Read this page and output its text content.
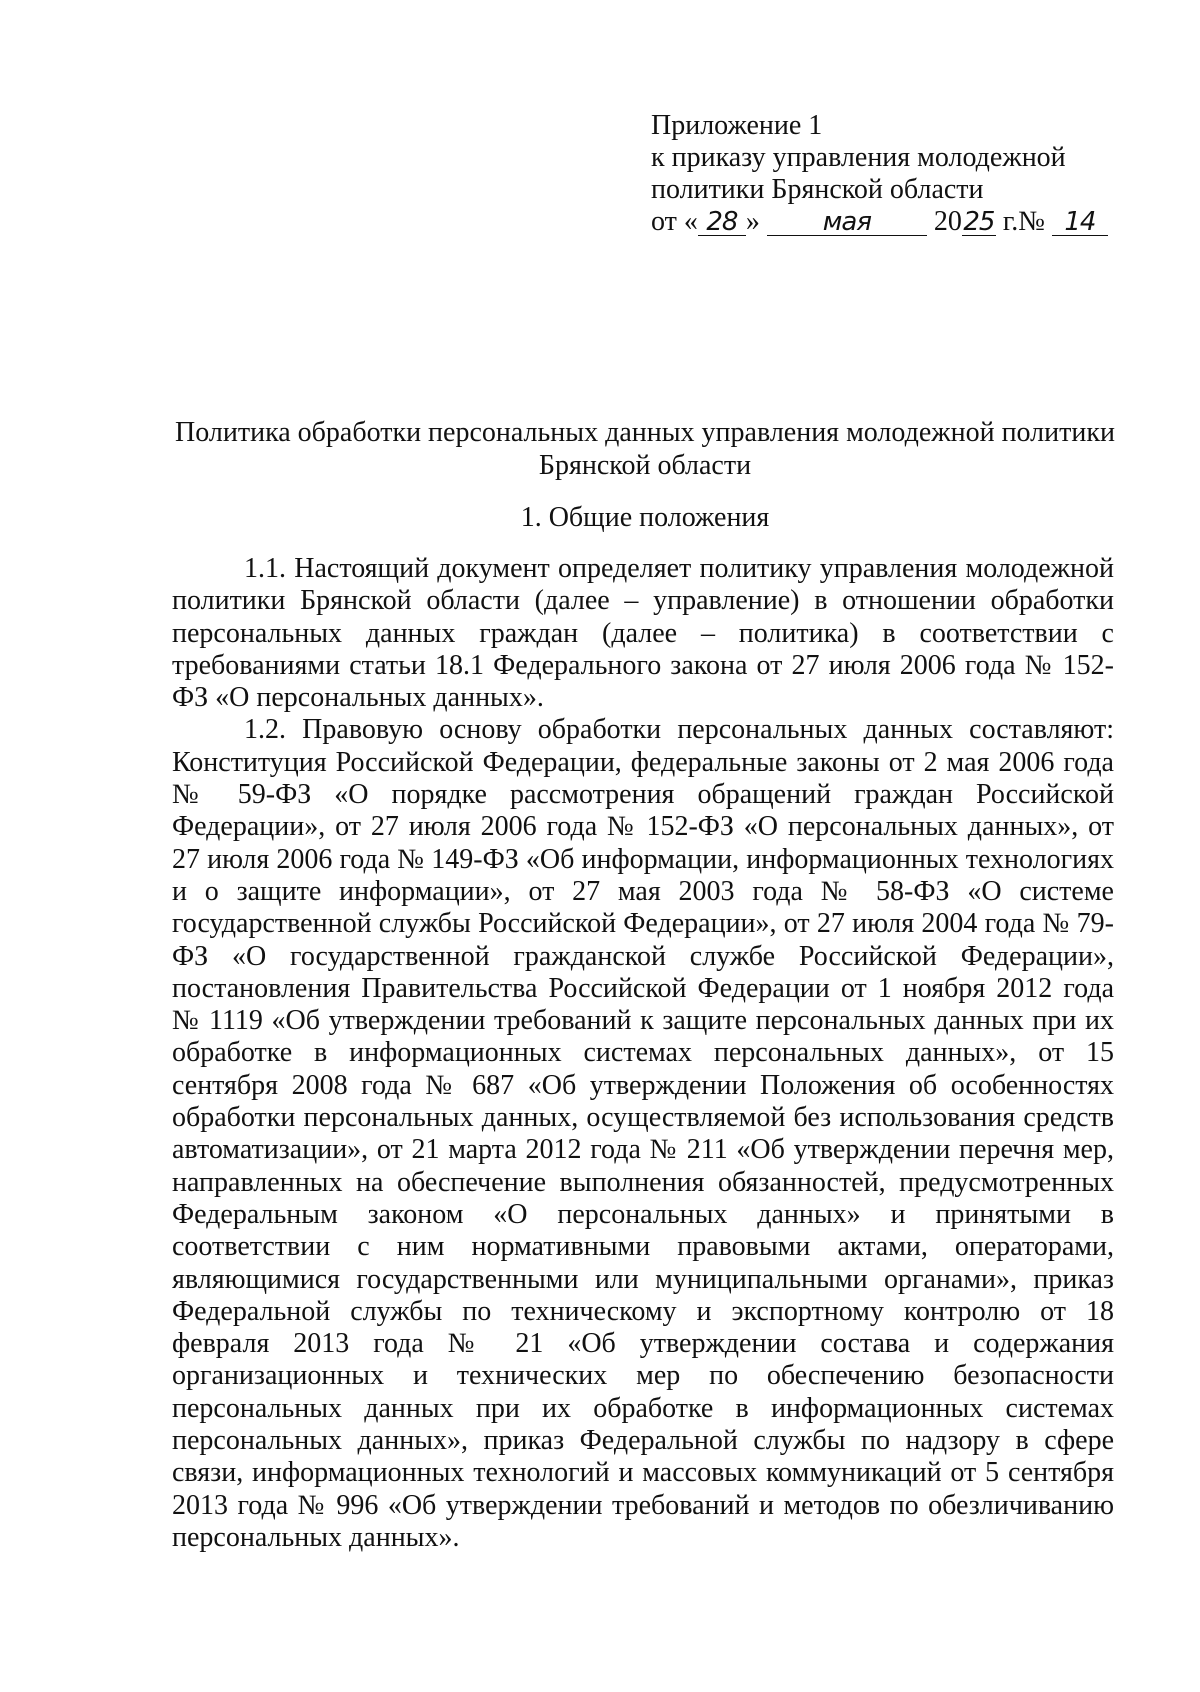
Приложение 1
к приказу управления молодежной
политики Брянской области
от « 28 » мая 2025 г.№ 14
Политика обработки персональных данных управления молодежной политики Брянской области
1. Общие положения

1.1. Настоящий документ определяет политику управления молодежной политики Брянской области (далее – управление) в отношении обработки персональных данных граждан (далее – политика) в соответствии с требованиями статьи 18.1 Федерального закона от 27 июля 2006 года № 152-ФЗ «О персональных данных».

1.2. Правовую основу обработки персональных данных составляют: Конституция Российской Федерации, федеральные законы от 2 мая 2006 года № 59-ФЗ «О порядке рассмотрения обращений граждан Российской Федерации», от 27 июля 2006 года № 152-ФЗ «О персональных данных», от 27 июля 2006 года № 149-ФЗ «Об информации, информационных технологиях и о защите информации», от 27 мая 2003 года № 58-ФЗ «О системе государственной службы Российской Федерации», от 27 июля 2004 года № 79-ФЗ «О государственной гражданской службе Российской Федерации», постановления Правительства Российской Федерации от 1 ноября 2012 года № 1119 «Об утверждении требований к защите персональных данных при их обработке в информационных системах персональных данных», от 15 сентября 2008 года № 687 «Об утверждении Положения об особенностях обработки персональных данных, осуществляемой без использования средств автоматизации», от 21 марта 2012 года № 211 «Об утверждении перечня мер, направленных на обеспечение выполнения обязанностей, предусмотренных Федеральным законом «О персональных данных» и принятыми в соответствии с ним нормативными правовыми актами, операторами, являющимися государственными или муниципальными органами», приказ Федеральной службы по техническому и экспортному контролю от 18 февраля 2013 года № 21 «Об утверждении состава и содержания организационных и технических мер по обеспечению безопасности персональных данных при их обработке в информационных системах персональных данных», приказ Федеральной службы по надзору в сфере связи, информационных технологий и массовых коммуникаций от 5 сентября 2013 года № 996 «Об утверждении требований и методов по обезличиванию персональных данных».
